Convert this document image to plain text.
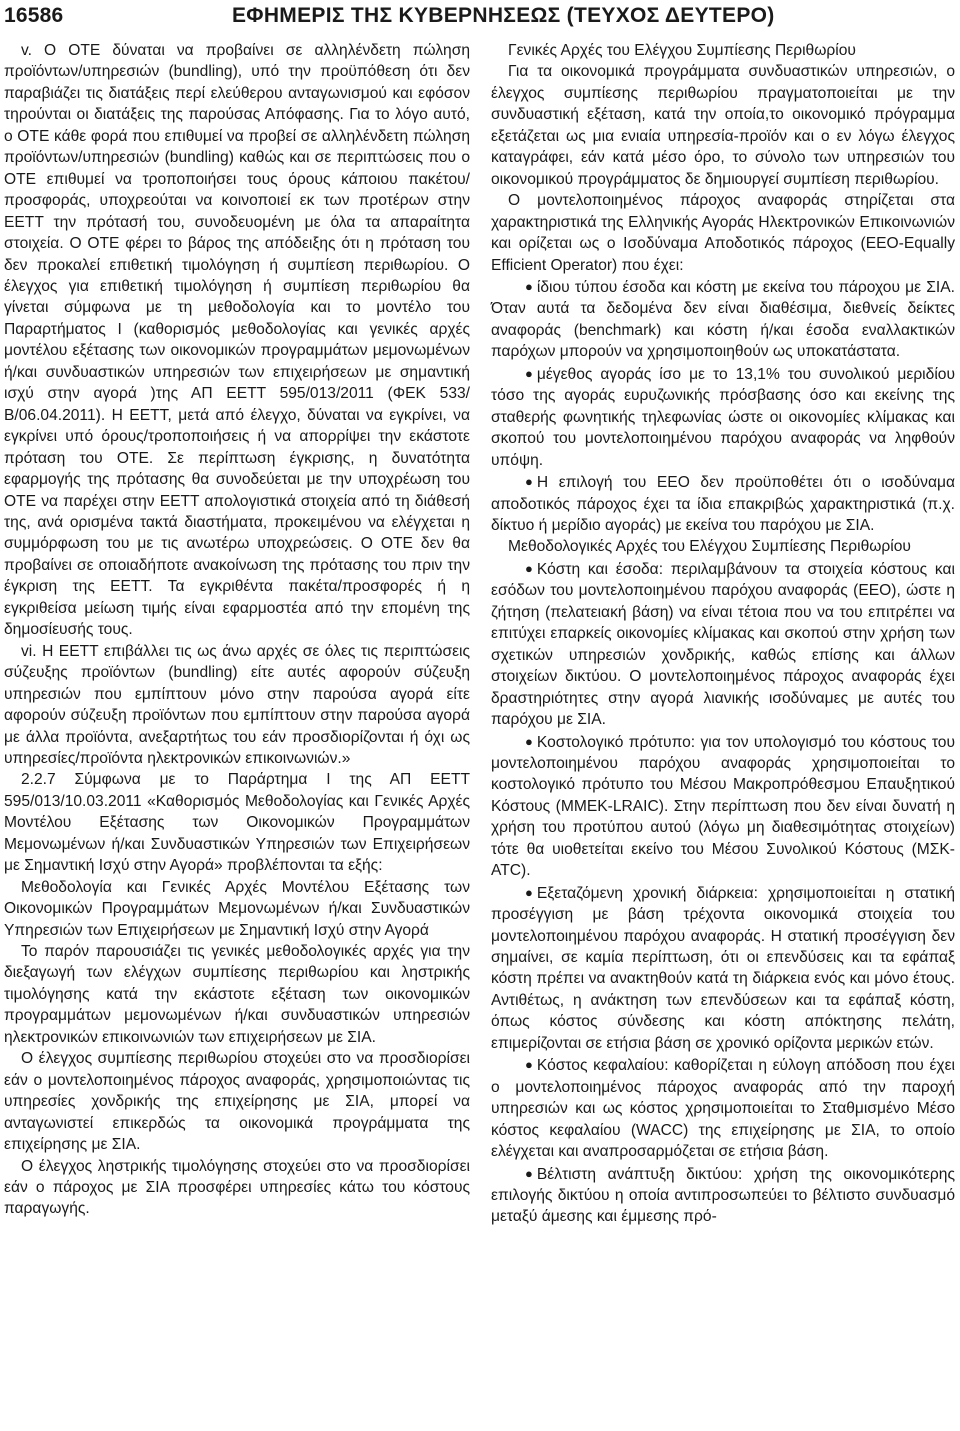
16586	ΕΦΗΜΕΡΙΣ ΤΗΣ ΚΥΒΕΡΝΗΣΕΩΣ (ΤΕΥΧΟΣ ΔΕΥΤΕΡΟ)

v. Ο ΟΤΕ δύναται να προβαίνει σε αλληλένδετη πώληση προϊόντων/υπηρεσιών (bundling), υπό την προϋπόθεση ότι δεν παραβιάζει τις διατάξεις περί ελεύθερου ανταγωνισμού και εφόσον τηρούνται οι διατάξεις της παρούσας Απόφασης. Για το λόγο αυτό, ο ΟΤΕ κάθε φορά που επιθυμεί να προβεί σε αλληλένδετη πώληση προϊόντων/υπηρεσιών (bundling) καθώς και σε περιπτώσεις που ο ΟΤΕ επιθυμεί να τροποποιήσει τους όρους κάποιου πακέτου/προσφοράς, υποχρεούται να κοινοποιεί εκ των προτέρων στην ΕΕΤΤ την πρότασή του, συνοδευομένη με όλα τα απαραίτητα στοιχεία. Ο ΟΤΕ φέρει το βάρος της απόδειξης ότι η πρόταση του δεν προκαλεί επιθετική τιμολόγηση ή συμπίεση περιθωρίου. Ο έλεγχος για επιθετική τιμολόγηση ή συμπίεση περιθωρίου θα γίνεται σύμφωνα με τη μεθοδολογία και το μοντέλο του Παραρτήματος Ι (καθορισμός μεθοδολογίας και γενικές αρχές μοντέλου εξέτασης των οικονομικών προγραμμάτων μεμονωμένων ή/και συνδυαστικών υπηρεσιών των επιχειρήσεων με σημαντική ισχύ στην αγορά )της ΑΠ ΕΕΤΤ 595/013/2011 (ΦΕΚ 533/Β/06.04.2011). Η ΕΕΤΤ, μετά από έλεγχο, δύναται να εγκρίνει, να εγκρίνει υπό όρους/τροποποιήσεις ή να απορρίψει την εκάστοτε πρόταση του ΟΤΕ. Σε περίπτωση έγκρισης, η δυνατότητα εφαρμογής της πρότασης θα συνοδεύεται με την υποχρέωση του ΟΤΕ να παρέχει στην ΕΕΤΤ απολογιστικά στοιχεία από τη διάθεσή της, ανά ορισμένα τακτά διαστήματα, προκειμένου να ελέγχεται η συμμόρφωση του με τις ανωτέρω υποχρεώσεις. Ο ΟΤΕ δεν θα προβαίνει σε οποιαδήποτε ανακοίνωση της πρότασης του πριν την έγκριση της ΕΕΤΤ. Τα εγκριθέντα πακέτα/προσφορές ή η εγκριθείσα μείωση τιμής είναι εφαρμοστέα από την επομένη της δημοσίευσής τους.

vi. Η ΕΕΤΤ επιβάλλει τις ως άνω αρχές σε όλες τις περιπτώσεις σύζευξης προϊόντων (bundling) είτε αυτές αφορούν σύζευξη υπηρεσιών που εμπίπτουν μόνο στην παρούσα αγορά είτε αφορούν σύζευξη προϊόντων που εμπίπτουν στην παρούσα αγορά με άλλα προϊόντα, ανεξαρτήτως του εάν προσδιορίζονται ή όχι ως υπηρεσίες/προϊόντα ηλεκτρονικών επικοινωνιών.»

2.2.7 Σύμφωνα με το Παράρτημα Ι της ΑΠ ΕΕΤΤ 595/013/10.03.2011 «Καθορισμός Μεθοδολογίας και Γενικές Αρχές Μοντέλου Εξέτασης των Οικονομικών Προγραμμάτων Μεμονωμένων ή/και Συνδυαστικών Υπηρεσιών των Επιχειρήσεων με Σημαντική Ισχύ στην Αγορά» προβλέπονται τα εξής:

Μεθοδολογία και Γενικές Αρχές Μοντέλου Εξέτασης των Οικονομικών Προγραμμάτων Μεμονωμένων ή/και Συνδυαστικών Υπηρεσιών των Επιχειρήσεων με Σημαντική Ισχύ στην Αγορά

Το παρόν παρουσιάζει τις γενικές μεθοδολογικές αρχές για την διεξαγωγή των ελέγχων συμπίεσης περιθωρίου και ληστρικής τιμολόγησης κατά την εκάστοτε εξέταση των οικονομικών προγραμμάτων μεμονωμένων ή/και συνδυαστικών υπηρεσιών ηλεκτρονικών επικοινωνιών των επιχειρήσεων με ΣΙΑ.

Ο έλεγχος συμπίεσης περιθωρίου στοχεύει στο να προσδιορίσει εάν ο μοντελοποιημένος πάροχος αναφοράς, χρησιμοποιώντας τις υπηρεσίες χονδρικής της επιχείρησης με ΣΙΑ, μπορεί να ανταγωνιστεί επικερδώς τα οικονομικά προγράμματα της επιχείρησης με ΣΙΑ.

Ο έλεγχος ληστρικής τιμολόγησης στοχεύει στο να προσδιορίσει εάν ο πάροχος με ΣΙΑ προσφέρει υπηρεσίες κάτω του κόστους παραγωγής.

Γενικές Αρχές του Ελέγχου Συμπίεσης Περιθωρίου

Για τα οικονομικά προγράμματα συνδυαστικών υπηρεσιών, ο έλεγχος συμπίεσης περιθωρίου πραγματοποιείται με την συνδυαστική εξέταση, κατά την οποία,το οικονομικό πρόγραμμα εξετάζεται ως μια ενιαία υπηρεσία-προϊόν και ο εν λόγω έλεγχος καταγράφει, εάν κατά μέσο όρο, το σύνολο των υπηρεσιών του οικονομικού προγράμματος δε δημιουργεί συμπίεση περιθωρίου.

Ο μοντελοποιημένος πάροχος αναφοράς στηρίζεται στα χαρακτηριστικά της Ελληνικής Αγοράς Ηλεκτρονικών Επικοινωνιών και ορίζεται ως ο Ισοδύναμα Αποδοτικός πάροχος (ΕΕΟ-Equally Efficient Operator) που έχει:

● ίδιου τύπου έσοδα και κόστη με εκείνα του πάροχου με ΣΙΑ. Όταν αυτά τα δεδομένα δεν είναι διαθέσιμα, διεθνείς δείκτες αναφοράς (benchmark) και κόστη ή/και έσοδα εναλλακτικών παρόχων μπορούν να χρησιμοποιηθούν ως υποκατάστατα.

● μέγεθος αγοράς ίσο με το 13,1% του συνολικού μεριδίου τόσο της αγοράς ευρυζωνικής πρόσβασης όσο και εκείνης της σταθερής φωνητικής τηλεφωνίας ώστε οι οικονομίες κλίμακας και σκοπού του μοντελοποιημένου παρόχου αναφοράς να ληφθούν υπόψη.

● Η επιλογή του ΕΕΟ δεν προϋποθέτει ότι ο ισοδύναμα αποδοτικός πάροχος έχει τα ίδια επακριβώς χαρακτηριστικά (π.χ. δίκτυο ή μερίδιο αγοράς) με εκείνα του παρόχου με ΣΙΑ.

Μεθοδολογικές Αρχές του Ελέγχου Συμπίεσης Περιθωρίου

● Κόστη και έσοδα: περιλαμβάνουν τα στοιχεία κόστους και εσόδων του μοντελοποιημένου παρόχου αναφοράς (ΕΕΟ), ώστε η ζήτηση (πελατειακή βάση) να είναι τέτοια που να του επιτρέπει να επιτύχει επαρκείς οικονομίες κλίμακας και σκοπού στην χρήση των σχετικών υπηρεσιών χονδρικής, καθώς επίσης και άλλων στοιχείων δικτύου. Ο μοντελοποιημένος πάροχος αναφοράς έχει δραστηριότητες στην αγορά λιανικής ισοδύναμες με αυτές του παρόχου με ΣΙΑ.

● Κοστολογικό πρότυπο: για τον υπολογισμό του κόστους του μοντελοποιημένου παρόχου αναφοράς χρησιμοποιείται το κοστολογικό πρότυπο του Μέσου Μακροπρόθεσμου Επαυξητικού Κόστους (ΜΜΕΚ-LRAIC). Στην περίπτωση που δεν είναι δυνατή η χρήση του προτύπου αυτού (λόγω μη διαθεσιμότητας στοιχείων) τότε θα υιοθετείται εκείνο του Μέσου Συνολικού Κόστους (ΜΣΚ-ATC).

● Εξεταζόμενη χρονική διάρκεια: χρησιμοποιείται η στατική προσέγγιση με βάση τρέχοντα οικονομικά στοιχεία του μοντελοποιημένου παρόχου αναφοράς. Η στατική προσέγγιση δεν σημαίνει, σε καμία περίπτωση, ότι οι επενδύσεις και τα εφάπαξ κόστη πρέπει να ανακτηθούν κατά τη διάρκεια ενός και μόνο έτους. Αντιθέτως, η ανάκτηση των επενδύσεων και τα εφάπαξ κόστη, όπως κόστος σύνδεσης και κόστη απόκτησης πελάτη, επιμερίζονται σε ετήσια βάση σε χρονικό ορίζοντα μερικών ετών.

● Κόστος κεφαλαίου: καθορίζεται η εύλογη απόδοση που έχει ο μοντελοποιημένος πάροχος αναφοράς από την παροχή υπηρεσιών και ως κόστος χρησιμοποιείται το Σταθμισμένο Μέσο κόστος κεφαλαίου (WACC) της επιχείρησης με ΣΙΑ, το οποίο ελέγχεται και αναπροσαρμόζεται σε ετήσια βάση.

● Βέλτιστη ανάπτυξη δικτύου: χρήση της οικονομικότερης επιλογής δικτύου η οποία αντιπροσωπεύει το βέλτιστο συνδυασμό μεταξύ άμεσης και έμμεσης πρό-
